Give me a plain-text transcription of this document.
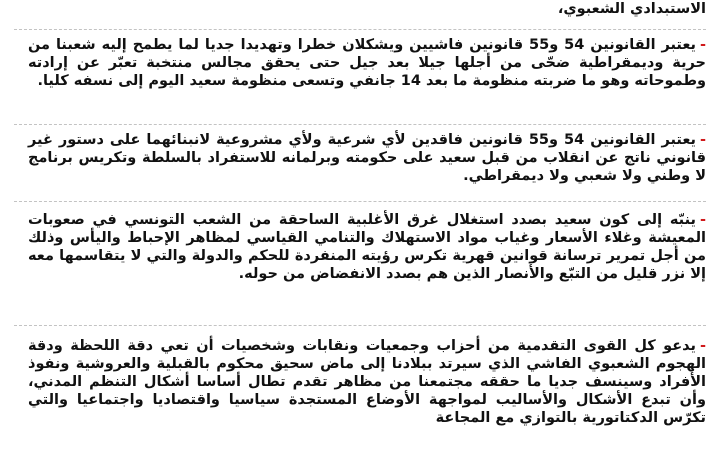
الاستبدادي الشعبوي،

-يعتبر القانونين 54 و55 قانونين فاشيين ويشكلان خطرا وتهديدا جديا لما يطمح إليه شعبنا من حرية وديمقراطية ضحّى من أجلها جيلا بعد جيل حتى يحقق مجالس منتخبة تعبّر عن إرادته وطموحاته وهو ما ضربته منظومة ما بعد 14 جانفي وتسعى منظومة سعيد اليوم إلى نسفه كليا.

-يعتبر القانونين 54 و55 قانونين فاقدين لأي شرعية ولأي مشروعية لانبنائهما على دستور غير قانوني ناتج عن انقلاب من قبل سعيد على حكومته وبرلمانه للاستفراد بالسلطة وتكريس برنامج لا وطني ولا شعبي ولا ديمقراطي.

-ينبّه إلى كون سعيد بصدد استغلال غرق الأغلبية الساحقة من الشعب التونسي في صعوبات المعيشة وغلاء الأسعار وغياب مواد الاستهلاك والتنامي القياسي لمظاهر الإحباط واليأس وذلك من أجل تمرير ترسانة قوانين قهرية تكرس رؤيته المنفردة للحكم والدولة والتي لا يتقاسمها معه إلا نزر قليل من التبّع والأنصار الذين هم بصدد الانفضاض من حوله.

-يدعو كل القوى التقدمية من أحزاب وجمعيات ونقابات وشخصيات أن تعي دقة اللحظة ودقة الهجوم الشعبوي الفاشي الذي سيرتد ببلادنا إلى ماض سحيق محكوم بالقبلية والعروشية ونفوذ الأفراد وسينسف جديا ما حققه مجتمعنا من مظاهر تقدم تطال أساسا أشكال التنظم المدني، وأن تبدع الأشكال والأساليب لمواجهة الأوضاع المستجدة سياسيا واقتصاديا واجتماعيا والتي تكرّس الدكتاتورية بالتوازي مع المجاعة
